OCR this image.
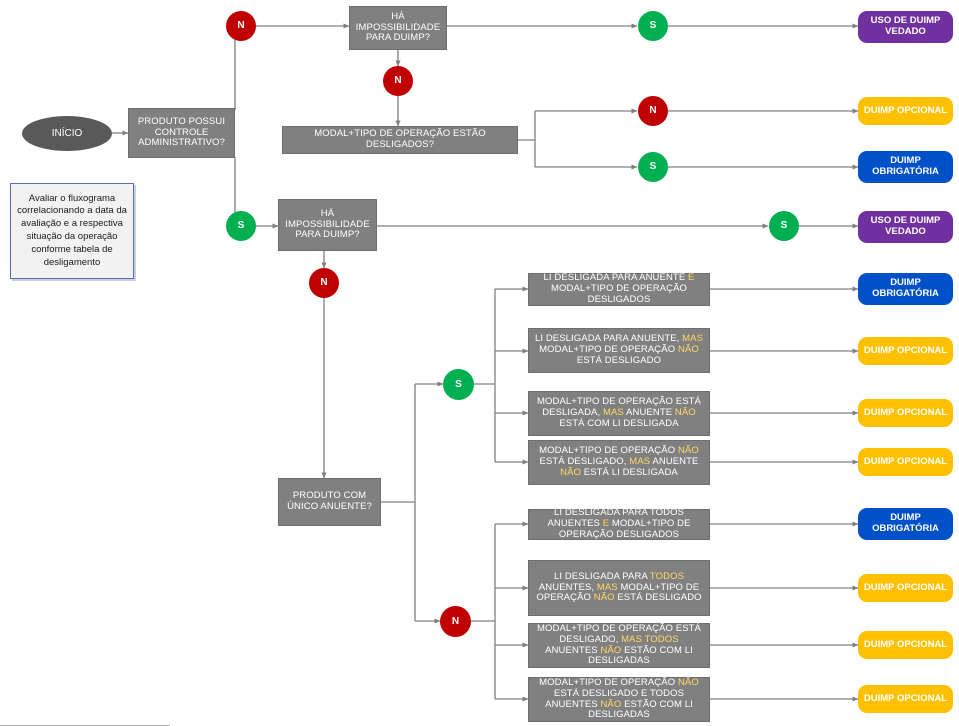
INÍCIO
PRODUTO POSSUI CONTROLE ADMINISTRATIVO?
N
HÁ IMPOSSIBILIDADE PARA DUIMP?
S	USO DE DUIMP VEDADO
N
MODAL+TIPO DE OPERAÇÃO ESTÃO DESLIGADOS?
N
S
DUIMP OPCIONAL
DUIMP OBRIGATÓRIA
S
HÁ IMPOSSIBILIDADE PARA DUIMP?
S	USO DE DUIMP VEDADO
N
PRODUTO COM ÚNICO ANUENTE?
S
N
LI DESLIGADA PARA ANUENTE E MODAL+TIPO DE OPERAÇÃO DESLIGADOS
LI DESLIGADA PARA ANUENTE, MAS MODAL+TIPO DE OPERAÇÃO NÃO ESTÁ DESLIGADO
MODAL+TIPO DE OPERAÇÃO ESTÁ DESLIGADA, MAS ANUENTE NÃO ESTÁ COM LI DESLIGADA
MODAL+TIPO DE OPERAÇÃO NÃO ESTÁ DESLIGADO, MAS ANUENTE NÃO ESTÁ LI DESLIGADA
DUIMP OBRIGATÓRIA
DUIMP OPCIONAL
DUIMP OPCIONAL
DUIMP OPCIONAL
LI DESLIGADA PARA TODOS ANUENTES E MODAL+TIPO DE OPERAÇÃO DESLIGADOS
LI DESLIGADA PARA TODOS ANUENTES, MAS MODAL+TIPO DE OPERAÇÃO NÃO ESTÁ DESLIGADO
MODAL+TIPO DE OPERAÇÃO ESTÁ DESLIGADO, MAS TODOS ANUENTES NÃO ESTÃO COM LI DESLIGADAS
MODAL+TIPO DE OPERAÇÃO NÃO ESTÁ DESLIGADO E TODOS ANUENTES NÃO ESTÃO COM LI DESLIGADAS
DUIMP OBRIGATÓRIA
DUIMP OPCIONAL
DUIMP OPCIONAL
DUIMP OPCIONAL
Avaliar o fluxograma correlacionando a data da avaliação e a respectiva situação da operação conforme tabela de desligamento
